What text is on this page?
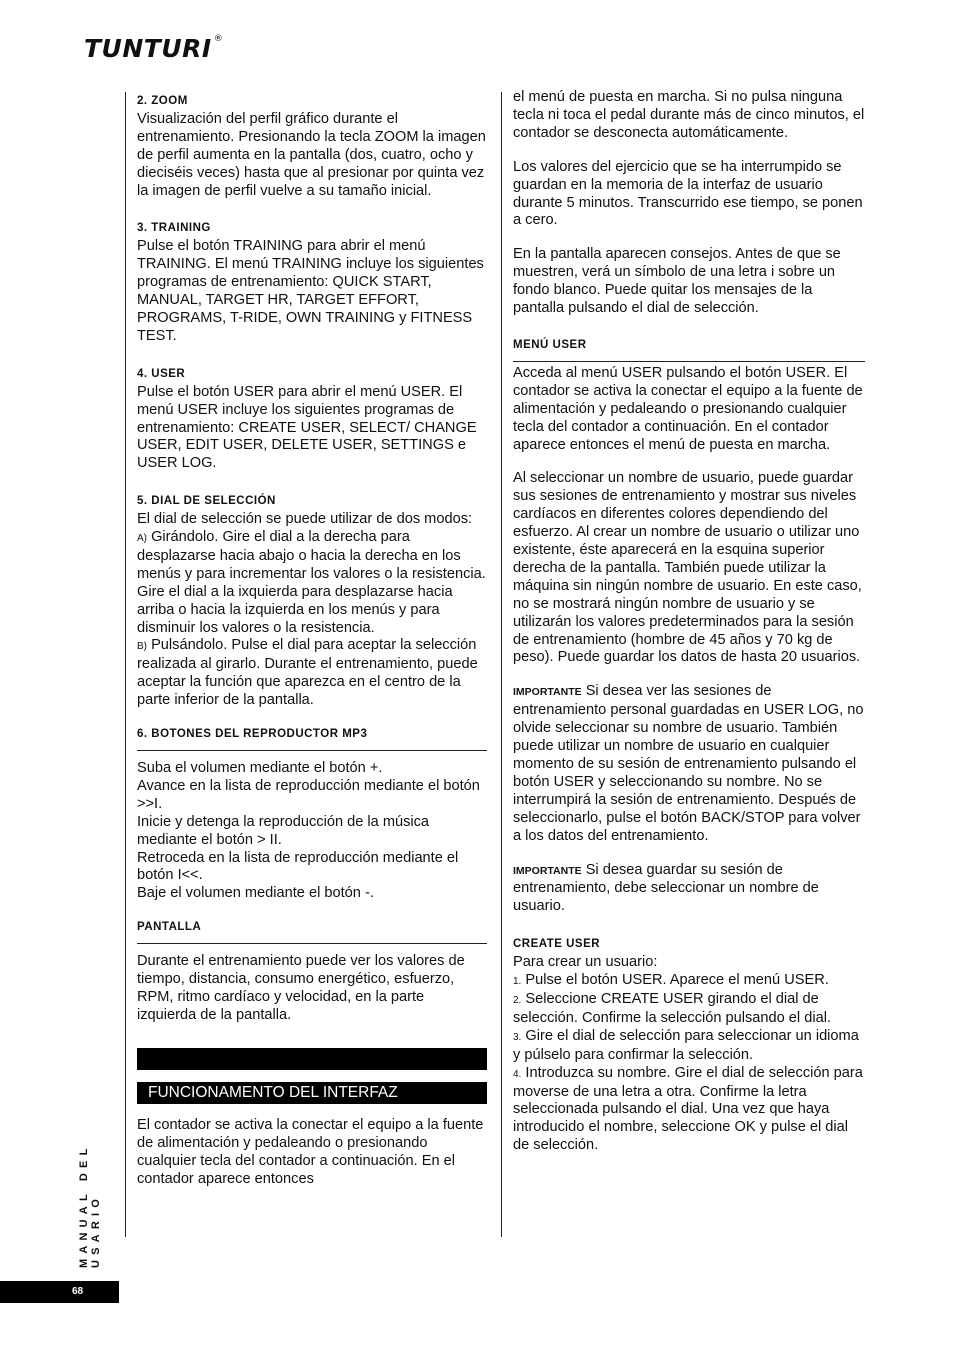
TUNTURI ®

2. ZOOM

Visualización del perfil gráfico durante el entrenamiento. Presionando la tecla ZOOM la imagen de perfil aumenta en la pantalla (dos, cuatro, ocho y dieciséis veces) hasta que al presionar por quinta vez la imagen de perfil vuelve a su tamaño inicial.

3. TRAINING

Pulse el botón TRAINING para abrir el menú TRAINING. El menú TRAINING incluye los siguientes programas de entrenamiento: QUICK START, MANUAL, TARGET HR, TARGET EFFORT, PROGRAMS, T-RIDE, OWN TRAINING y FITNESS TEST.

4. USER

Pulse el botón USER para abrir el menú USER. El menú USER incluye los siguientes programas de entrenamiento: CREATE USER, SELECT/ CHANGE USER, EDIT USER, DELETE USER, SETTINGS e USER LOG.

5. DIAL DE SELECCIÓN

El dial de selección se puede utilizar de dos modos:

A) Girándolo. Gire el dial a la derecha para desplazarse hacia abajo o hacia la derecha en los menús y para incrementar los valores o la resistencia. Gire el dial a la ixquierda para desplazarse hacia arriba o hacia la izquierda en los menús y para disminuir los valores o la resistencia.

B) Pulsándolo. Pulse el dial para aceptar la selección realizada al girarlo. Durante el entrenamiento, puede aceptar la función que aparezca en el centro de la parte inferior de la pantalla.

6. BOTONES DEL REPRODUCTOR MP3

Suba el volumen mediante el botón +.

Avance en la lista de reproducción mediante el botón >>I.

Inicie y detenga la reproducción de la música mediante el botón > II.

Retroceda en la lista de reproducción mediante el botón I<<.

Baje el volumen mediante el botón -.

PANTALLA

Durante el entrenamiento puede ver los valores de tiempo, distancia, consumo energético, esfuerzo, RPM, ritmo cardíaco y velocidad, en la parte izquierda de la pantalla.

FUNCIONAMENTO DEL INTERFAZ

El contador se activa la conectar el equipo a la fuente de alimentación y pedaleando o presionando cualquier tecla del contador a continuación. En el contador aparece entonces

el menú de puesta en marcha. Si no pulsa ninguna tecla ni toca el pedal durante más de cinco minutos, el contador se desconecta automáticamente.

Los valores del ejercicio que se ha interrumpido se guardan en la memoria de la interfaz de usuario durante 5 minutos. Transcurrido ese tiempo, se ponen a cero.

En la pantalla aparecen consejos. Antes de que se muestren, verá un símbolo de una letra i sobre un fondo blanco. Puede quitar los mensajes de la pantalla pulsando el dial de selección.

MENÚ USER

Acceda al menú USER pulsando el botón USER. El contador se activa la conectar el equipo a la fuente de alimentación y pedaleando o presionando cualquier tecla del contador a continuación. En el contador aparece entonces el menú de puesta en marcha.

Al seleccionar un nombre de usuario, puede guardar sus sesiones de entrenamiento y mostrar sus niveles cardíacos en diferentes colores dependiendo del esfuerzo. Al crear un nombre de usuario o utilizar uno existente, éste aparecerá en la esquina superior derecha de la pantalla. También puede utilizar la máquina sin ningún nombre de usuario. En este caso, no se mostrará ningún nombre de usuario y se utilizarán los valores predeterminados para la sesión de entrenamiento (hombre de 45 años y 70 kg de peso). Puede guardar los datos de hasta 20 usuarios.

IMPORTANTE Si desea ver las sesiones de entrenamiento personal guardadas en USER LOG, no olvide seleccionar su nombre de usuario. También puede utilizar un nombre de usuario en cualquier momento de su sesión de entrenamiento pulsando el botón USER y seleccionando su nombre. No se interrumpirá la sesión de entrenamiento. Después de seleccionarlo, pulse el botón BACK/STOP para volver a los datos del entrenamiento.

IMPORTANTE Si desea guardar su sesión de entrenamiento, debe seleccionar un nombre de usuario.

CREATE USER

Para crear un usuario:

1. Pulse el botón USER. Aparece el menú USER.

2. Seleccione CREATE USER girando el dial de selección. Confirme la selección pulsando el dial.

3. Gire el dial de selección para seleccionar un idioma y púlselo para confirmar la selección.

4. Introduzca su nombre. Gire el dial de selección para moverse de una letra a otra. Confirme la letra seleccionada pulsando el dial. Una vez que haya introducido el nombre, seleccione OK y pulse el dial de selección.

MANUAL DEL USARIO
68
